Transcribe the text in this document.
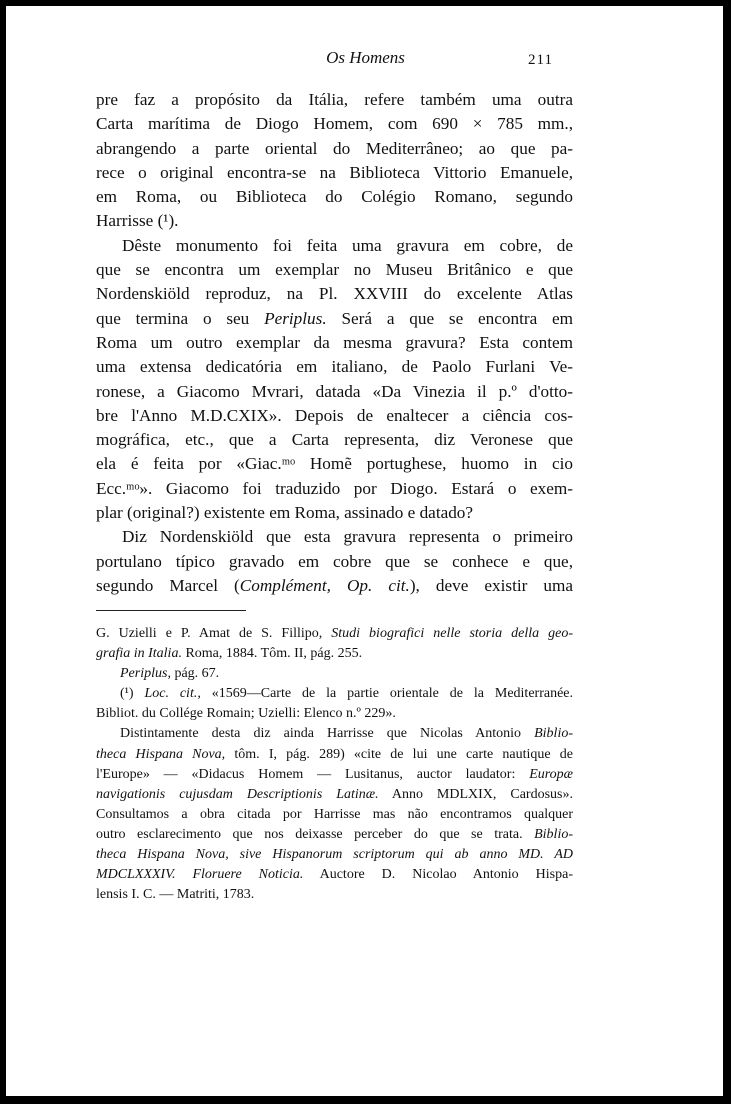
Os Homens	211
pre faz a propósito da Itália, refere também uma outra
Carta marítima de Diogo Homem, com 690 × 785 mm.,
abrangendo a parte oriental do Mediterrâneo; ao que pa-
rece o original encontra-se na Biblioteca Vittorio Emanuele,
em Roma, ou Biblioteca do Colégio Romano, segundo
Harrisse (¹).
Dêste monumento foi feita uma gravura em cobre, de
que se encontra um exemplar no Museu Britânico e que
Nordenskiöld reproduz, na Pl. XXVIII do excelente Atlas
que termina o seu Periplus. Será a que se encontra em
Roma um outro exemplar da mesma gravura? Esta contem
uma extensa dedicatória em italiano, de Paolo Furlani Ve-
ronese, a Giacomo Mvrari, datada «Da Vinezia il p.º d'otto-
bre l'Anno M.D.CXIX». Depois de enaltecer a ciência cos-
mográfica, etc., que a Carta representa, diz Veronese que
ela é feita por «Giac.ᵐᵒ Homẽ portughese, huomo in cio
Ecc.ᵐᵒ». Giacomo foi traduzido por Diogo. Estará o exem-
plar (original?) existente em Roma, assinado e datado?
Diz Nordenskiöld que esta gravura representa o primeiro
portulano típico gravado em cobre que se conhece e que,
segundo Marcel (Complément, Op. cit.), deve existir uma
G. Uzielli e P. Amat de S. Fillipo, Studi biografici nelle storia della geo-
grafia in Italia. Roma, 1884. Tôm. II, pág. 255.
Periplus, pág. 67.
(¹) Loc. cit., «1569—Carte de la partie orientale de la Mediterranée.
Bibliot. du Collége Romain; Uzielli: Elenco n.º 229».
Distintamente desta diz ainda Harrisse que Nicolas Antonio Biblio-
theca Hispana Nova, tôm. I, pág. 289) «cite de lui une carte nautique de
l'Europe» — «Didacus Homem — Lusitanus, auctor laudator: Europæ
navigationis cujusdam Descriptionis Latinæ. Anno MDLXIX, Cardosus».
Consultamos a obra citada por Harrisse mas não encontramos qualquer
outro esclarecimento que nos deixasse perceber do que se trata. Biblio-
theca Hispana Nova, sive Hispanorum scriptorum qui ab anno MD. AD
MDCLXXXIV. Floruere Noticia. Auctore D. Nicolao Antonio Hispa-
lensis I. C. — Matriti, 1783.
